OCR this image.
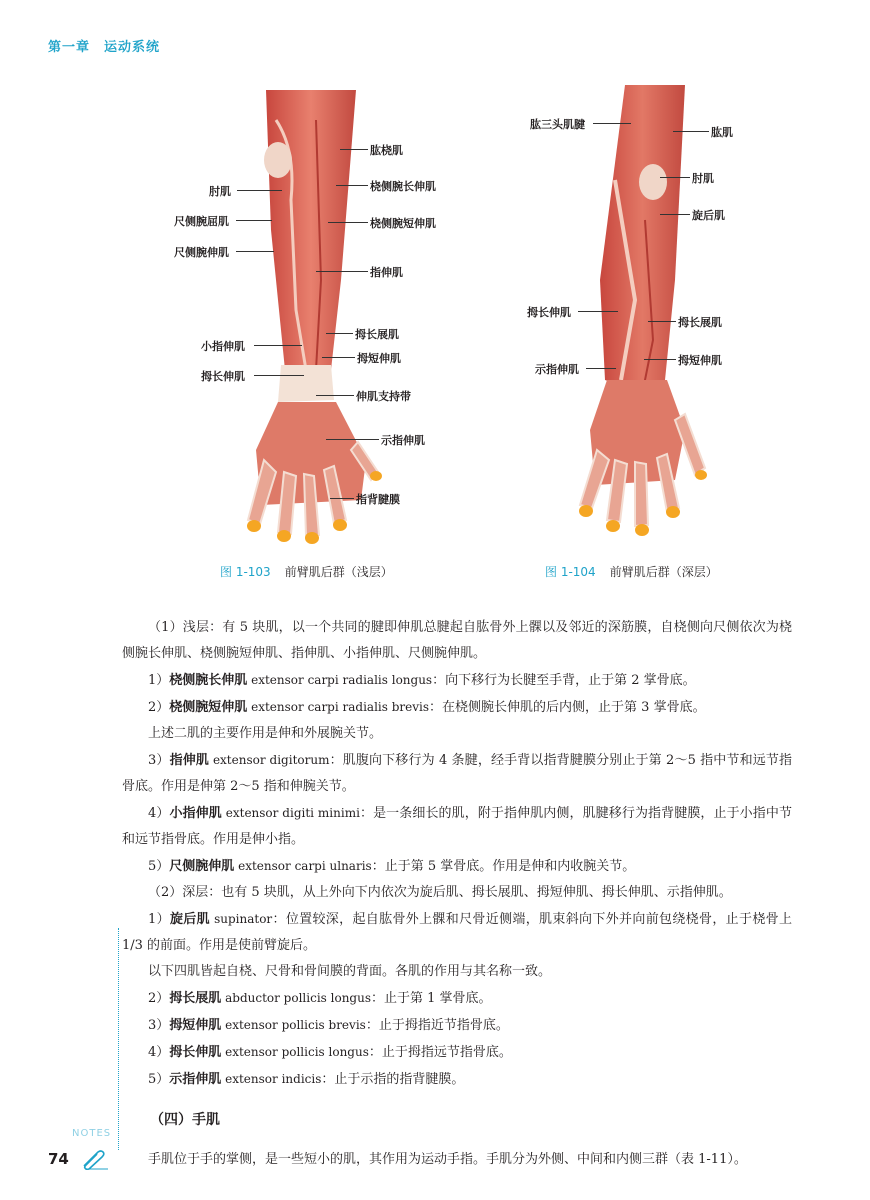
第一章　运动系统
肘肌
尺侧腕屈肌
尺侧腕伸肌
小指伸肌
拇长伸肌
肱桡肌
桡侧腕长伸肌
桡侧腕短伸肌
指伸肌
拇长展肌
拇短伸肌
伸肌支持带
示指伸肌
指背腱膜
图 1-103 前臂肌后群（浅层）
肱三头肌腱
拇长伸肌
示指伸肌
肱肌
肘肌
旋后肌
拇长展肌
拇短伸肌
图 1-104 前臂肌后群（深层）

（1）浅层：有 5 块肌，以一个共同的腱即伸肌总腱起自肱骨外上髁以及邻近的深筋膜，自桡侧向尺侧依次为桡侧腕长伸肌、桡侧腕短伸肌、指伸肌、小指伸肌、尺侧腕伸肌。

1）桡侧腕长伸肌 extensor carpi radialis longus：向下移行为长腱至手背，止于第 2 掌骨底。

2）桡侧腕短伸肌 extensor carpi radialis brevis：在桡侧腕长伸肌的后内侧，止于第 3 掌骨底。

上述二肌的主要作用是伸和外展腕关节。

3）指伸肌 extensor digitorum：肌腹向下移行为 4 条腱，经手背以指背腱膜分别止于第 2～5 指中节和远节指骨底。作用是伸第 2～5 指和伸腕关节。

4）小指伸肌 extensor digiti minimi：是一条细长的肌，附于指伸肌内侧，肌腱移行为指背腱膜，止于小指中节和远节指骨底。作用是伸小指。

5）尺侧腕伸肌 extensor carpi ulnaris：止于第 5 掌骨底。作用是伸和内收腕关节。

（2）深层：也有 5 块肌，从上外向下内依次为旋后肌、拇长展肌、拇短伸肌、拇长伸肌、示指伸肌。

1）旋后肌 supinator：位置较深，起自肱骨外上髁和尺骨近侧端，肌束斜向下外并向前包绕桡骨，止于桡骨上 1/3 的前面。作用是使前臂旋后。

以下四肌皆起自桡、尺骨和骨间膜的背面。各肌的作用与其名称一致。

2）拇长展肌 abductor pollicis longus：止于第 1 掌骨底。

3）拇短伸肌 extensor pollicis brevis：止于拇指近节指骨底。

4）拇长伸肌 extensor pollicis longus：止于拇指远节指骨底。

5）示指伸肌 extensor indicis：止于示指的指背腱膜。

（四）手肌

手肌位于手的掌侧，是一些短小的肌，其作用为运动手指。手肌分为外侧、中间和内侧三群（表 1-11）。

NOTES
74
